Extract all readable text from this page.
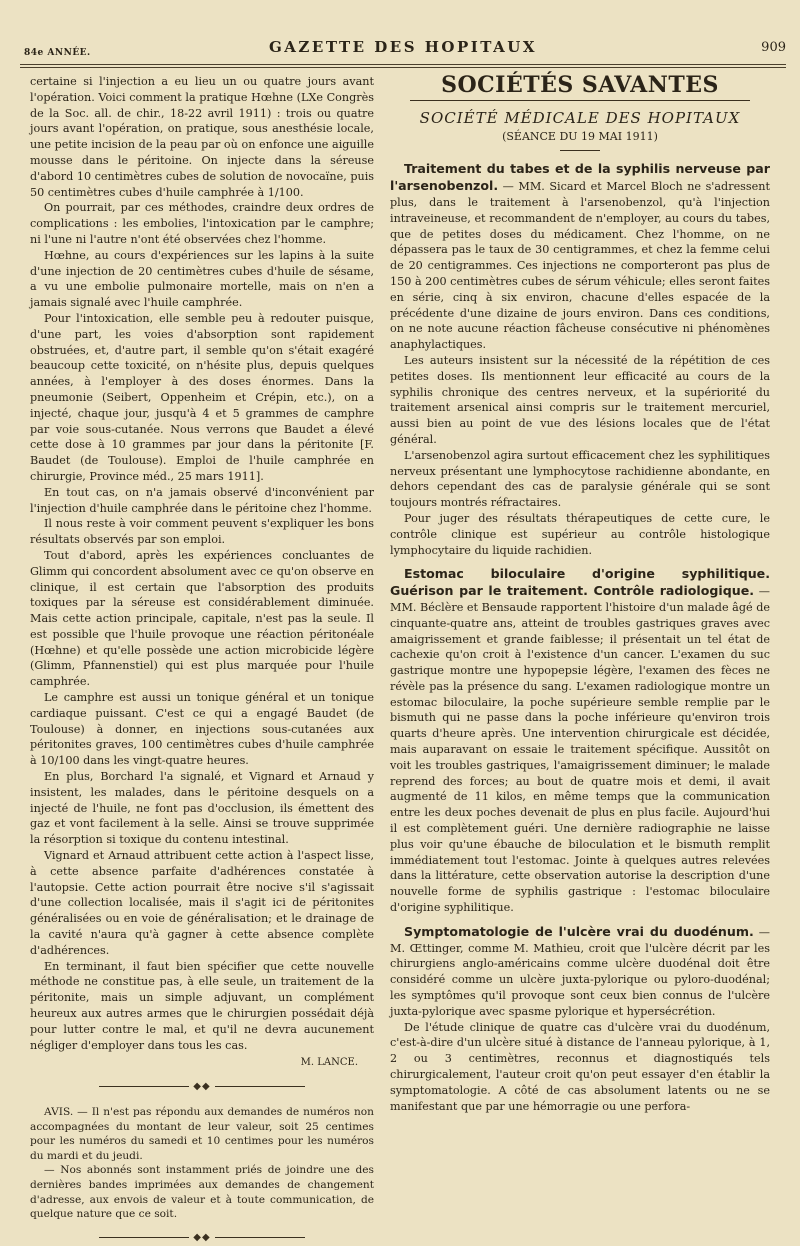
84e ANNÉE.	GAZETTE DES HOPITAUX	909

certaine si l'injection a eu lieu un ou quatre jours avant l'opération. Voici comment la pratique Hœhne (LXe Congrès de la Soc. all. de chir., 18-22 avril 1911) : trois ou quatre jours avant l'opération, on pratique, sous anesthésie locale, une petite incision de la peau par où on enfonce une aiguille mousse dans le péritoine. On injecte dans la séreuse d'abord 10 centimètres cubes de solution de novocaïne, puis 50 centimètres cubes d'huile camphrée à 1/100.

On pourrait, par ces méthodes, craindre deux ordres de complications : les embolies, l'intoxication par le camphre; ni l'une ni l'autre n'ont été observées chez l'homme.

Hœhne, au cours d'expériences sur les lapins à la suite d'une injection de 20 centimètres cubes d'huile de sésame, a vu une embolie pulmonaire mortelle, mais on n'en a jamais signalé avec l'huile camphrée.

Pour l'intoxication, elle semble peu à redouter puisque, d'une part, les voies d'absorption sont rapidement obstruées, et, d'autre part, il semble qu'on s'était exagéré beaucoup cette toxicité, on n'hésite plus, depuis quelques années, à l'employer à des doses énormes. Dans la pneumonie (Seibert, Oppenheim et Crépin, etc.), on a injecté, chaque jour, jusqu'à 4 et 5 grammes de camphre par voie sous-cutanée. Nous verrons que Baudet a élevé cette dose à 10 grammes par jour dans la péritonite [F. Baudet (de Toulouse). Emploi de l'huile camphrée en chirurgie, Province méd., 25 mars 1911].

En tout cas, on n'a jamais observé d'inconvénient par l'injection d'huile camphrée dans le péritoine chez l'homme.

Il nous reste à voir comment peuvent s'expliquer les bons résultats observés par son emploi.

Tout d'abord, après les expériences concluantes de Glimm qui concordent absolument avec ce qu'on observe en clinique, il est certain que l'absorption des produits toxiques par la séreuse est considérablement diminuée. Mais cette action principale, capitale, n'est pas la seule. Il est possible que l'huile provoque une réaction péritonéale (Hœhne) et qu'elle possède une action microbicide légère (Glimm, Pfannenstiel) qui est plus marquée pour l'huile camphrée.

Le camphre est aussi un tonique général et un tonique cardiaque puissant. C'est ce qui a engagé Baudet (de Toulouse) à donner, en injections sous-cutanées aux péritonites graves, 100 centimètres cubes d'huile camphrée à 10/100 dans les vingt-quatre heures.

En plus, Borchard l'a signalé, et Vignard et Arnaud y insistent, les malades, dans le péritoine desquels on a injecté de l'huile, ne font pas d'occlusion, ils émettent des gaz et vont facilement à la selle. Ainsi se trouve supprimée la résorption si toxique du contenu intestinal.

Vignard et Arnaud attribuent cette action à l'aspect lisse, à cette absence parfaite d'adhérences constatée à l'autopsie. Cette action pourrait être nocive s'il s'agissait d'une collection localisée, mais il s'agit ici de péritonites généralisées ou en voie de généralisation; et le drainage de la cavité n'aura qu'à gagner à cette absence complète d'adhérences.

En terminant, il faut bien spécifier que cette nouvelle méthode ne constitue pas, à elle seule, un traitement de la péritonite, mais un simple adjuvant, un complément heureux aux autres armes que le chirurgien possédait déjà pour lutter contre le mal, et qu'il ne devra aucunement négliger d'employer dans tous les cas.

M. LANCE.
◆◆

AVIS. — Il n'est pas répondu aux demandes de numéros non accompagnées du montant de leur valeur, soit 25 centimes pour les numéros du samedi et 10 centimes pour les numéros du mardi et du jeudi.

— Nos abonnés sont instamment priés de joindre une des dernières bandes imprimées aux demandes de changement d'adresse, aux envois de valeur et à toute communication, de quelque nature que ce soit.

◆◆
SOCIÉTÉS SAVANTES
SOCIÉTÉ MÉDICALE DES HOPITAUX
(SÉANCE DU 19 MAI 1911)

Traitement du tabes et de la syphilis nerveuse par l'arsenobenzol. — MM. Sicard et Marcel Bloch ne s'adressent plus, dans le traitement à l'arsenobenzol, qu'à l'injection intraveineuse, et recommandent de n'employer, au cours du tabes, que de petites doses du médicament. Chez l'homme, on ne dépassera pas le taux de 30 centigrammes, et chez la femme celui de 20 centigrammes. Ces injections ne comporteront pas plus de 150 à 200 centimètres cubes de sérum véhicule; elles seront faites en série, cinq à six environ, chacune d'elles espacée de la précédente d'une dizaine de jours environ. Dans ces conditions, on ne note aucune réaction fâcheuse consécutive ni phénomènes anaphylactiques.

Les auteurs insistent sur la nécessité de la répétition de ces petites doses. Ils mentionnent leur efficacité au cours de la syphilis chronique des centres nerveux, et la supériorité du traitement arsenical ainsi compris sur le traitement mercuriel, aussi bien au point de vue des lésions locales que de l'état général.

L'arsenobenzol agira surtout efficacement chez les syphilitiques nerveux présentant une lymphocytose rachidienne abondante, en dehors cependant des cas de paralysie générale qui se sont toujours montrés réfractaires.

Pour juger des résultats thérapeutiques de cette cure, le contrôle clinique est supérieur au contrôle histologique lymphocytaire du liquide rachidien.

Estomac biloculaire d'origine syphilitique. Guérison par le traitement. Contrôle radiologique. — MM. Béclère et Bensaude rapportent l'histoire d'un malade âgé de cinquante-quatre ans, atteint de troubles gastriques graves avec amaigrissement et grande faiblesse; il présentait un tel état de cachexie qu'on croit à l'existence d'un cancer. L'examen du suc gastrique montre une hypopepsie légère, l'examen des fèces ne révèle pas la présence du sang. L'examen radiologique montre un estomac biloculaire, la poche supérieure semble remplie par le bismuth qui ne passe dans la poche inférieure qu'environ trois quarts d'heure après. Une intervention chirurgicale est décidée, mais auparavant on essaie le traitement spécifique. Aussitôt on voit les troubles gastriques, l'amaigrissement diminuer; le malade reprend des forces; au bout de quatre mois et demi, il avait augmenté de 11 kilos, en même temps que la communication entre les deux poches devenait de plus en plus facile. Aujourd'hui il est complètement guéri. Une dernière radiographie ne laisse plus voir qu'une ébauche de biloculation et le bismuth remplit immédiatement tout l'estomac. Jointe à quelques autres relevées dans la littérature, cette observation autorise la description d'une nouvelle forme de syphilis gastrique : l'estomac biloculaire d'origine syphilitique.

Symptomatologie de l'ulcère vrai du duodénum. — M. Œttinger, comme M. Mathieu, croit que l'ulcère décrit par les chirurgiens anglo-américains comme ulcère duodénal doit être considéré comme un ulcère juxta-pylorique ou pyloro-duodénal; les symptômes qu'il provoque sont ceux bien connus de l'ulcère juxta-pylorique avec spasme pylorique et hypersécrétion.

De l'étude clinique de quatre cas d'ulcère vrai du duodénum, c'est-à-dire d'un ulcère situé à distance de l'anneau pylorique, à 1, 2 ou 3 centimètres, reconnus et diagnostiqués tels chirurgicalement, l'auteur croit qu'on peut essayer d'en établir la symptomatologie. A côté de cas absolument latents ou ne se manifestant que par une hémorragie ou une perfora-
